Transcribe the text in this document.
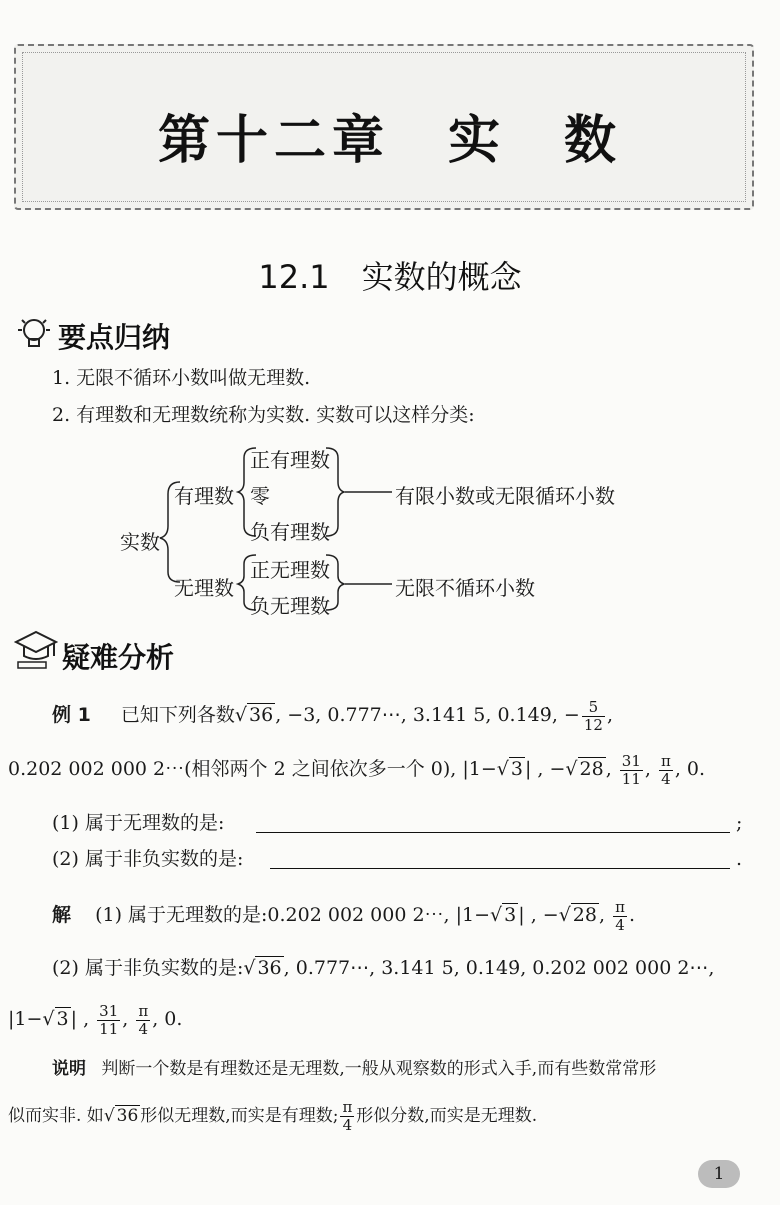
第十二章　实　数
12.1　实数的概念
要点归纳
1. 无限不循环小数叫做无理数.
2. 有理数和无理数统称为实数. 实数可以这样分类:
实数
有理数
无理数
正有理数
零
负有理数
正无理数
负无理数
有限小数或无限循环小数
无限不循环小数
疑难分析
例 1 已知下列各数√ 36 , −3, 0.777⋯, 3.141 5, 0.14̇9̇, − $\frac{5}{12}$ ,
0.202 002 000 2⋯(相邻两个 2 之间依次多一个 0), |1−√ 3 | , −√ 28 , $\frac{31}{11}$ , $\frac{\pi}{4}$ , 0.
(1) 属于无理数的是:	;
(2) 属于非负实数的是:	.
解 (1) 属于无理数的是:0.202 002 000 2⋯, |1−√ 3 | , −√ 28 , $\frac{\pi}{4}$ .
(2) 属于非负实数的是:√ 36 , 0.777⋯, 3.141 5, 0.14̇9̇, 0.202 002 000 2⋯,
|1−√ 3 | , $\frac{31}{11}$ , $\frac{\pi}{4}$ , 0.
说明 判断一个数是有理数还是无理数,一般从观察数的形式入手,而有些数常常形
似而实非. 如√ 36 形似无理数,而实是有理数; $\frac{\pi}{4}$ 形似分数,而实是无理数.
1
